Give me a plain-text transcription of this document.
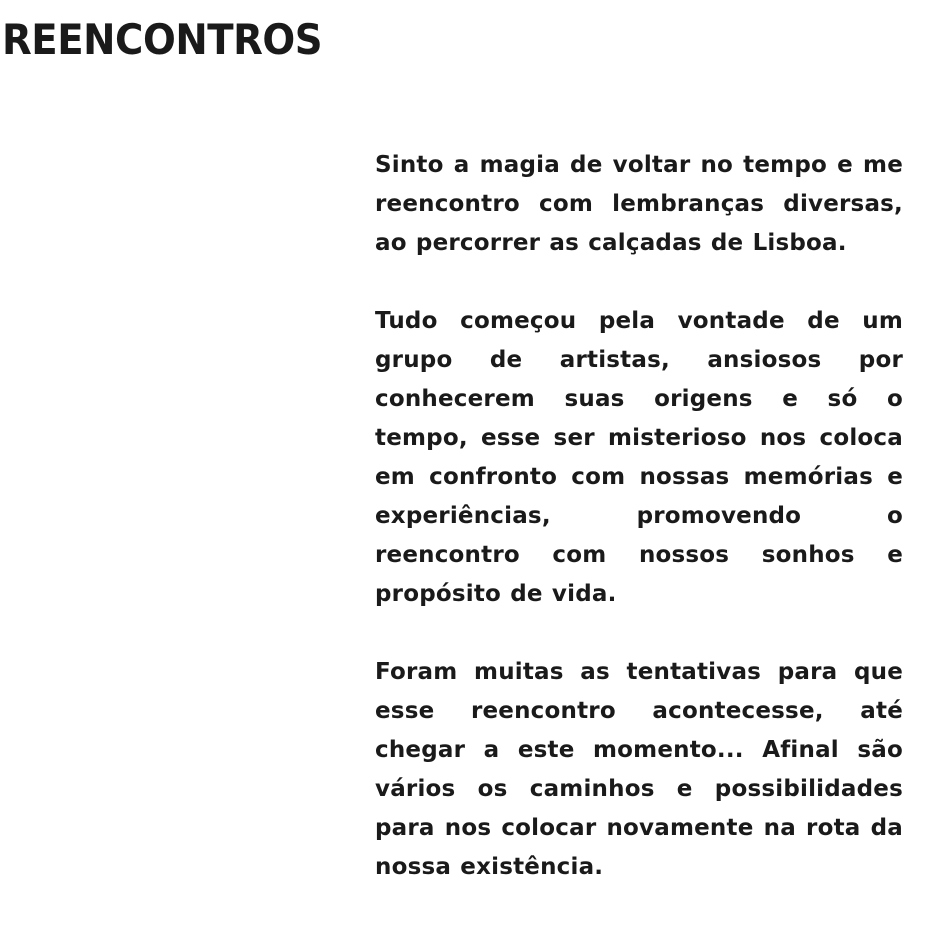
REENCONTROS

Sinto a magia de voltar no tempo e me reencontro com lembranças diversas, ao percorrer as calçadas de Lisboa.

Tudo começou pela vontade de um grupo de artistas, ansiosos por conhecerem suas origens e só o tempo, esse ser misterioso nos coloca em confronto com nossas memórias e experiências, promovendo o reencontro com nossos sonhos e propósito de vida.

Foram muitas as tentativas para que esse reencontro acontecesse, até chegar a este momento... Afinal são vários os caminhos e possibilidades para nos colocar novamente na rota da nossa existência.
